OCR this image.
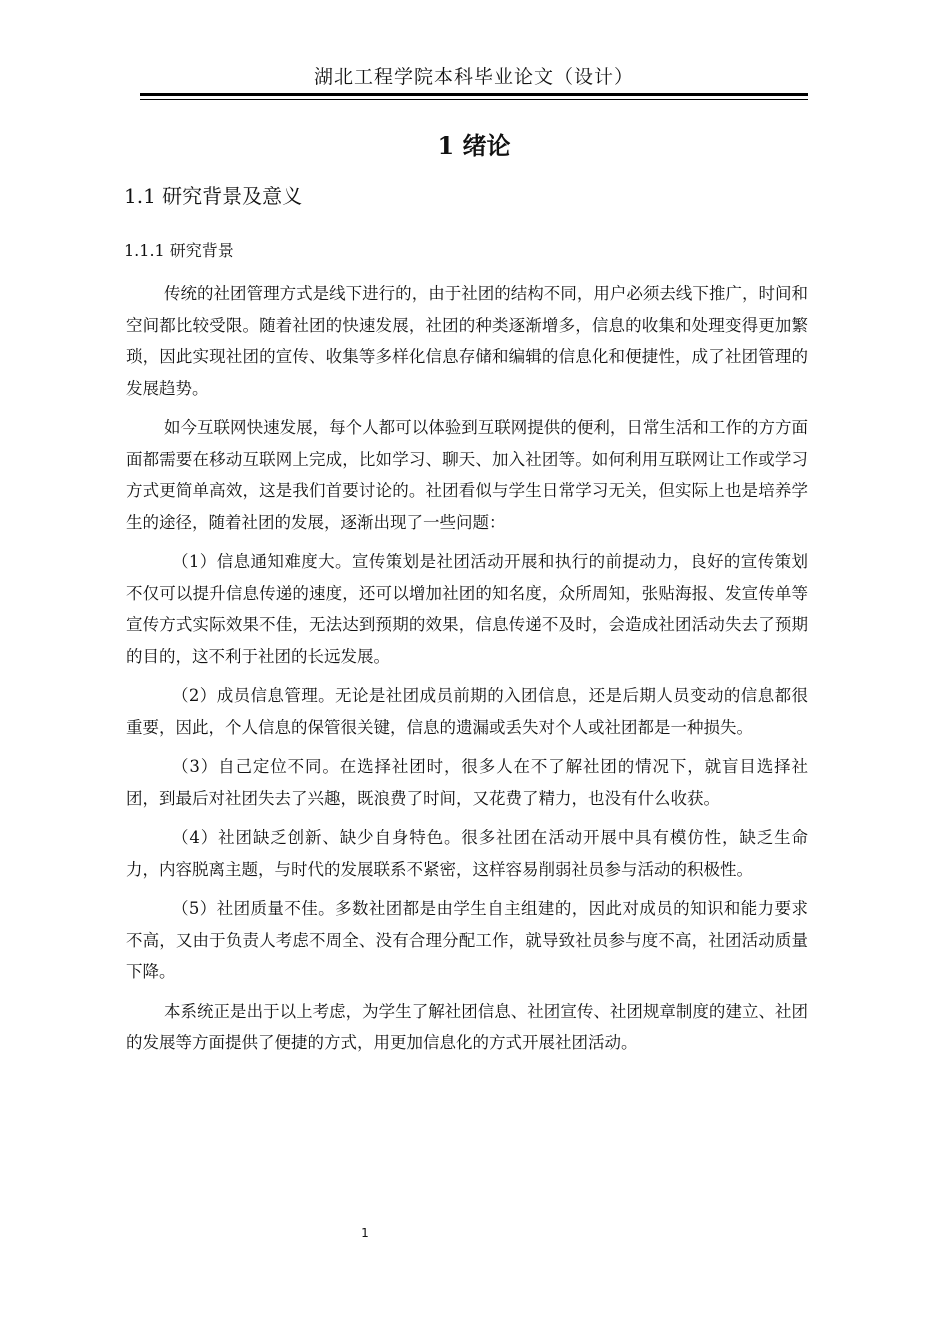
湖北工程学院本科毕业论文（设计）
1 绪论
1.1 研究背景及意义
1.1.1 研究背景

传统的社团管理方式是线下进行的，由于社团的结构不同，用户必须去线下推广，时间和空间都比较受限。随着社团的快速发展，社团的种类逐渐增多，信息的收集和处理变得更加繁琐，因此实现社团的宣传、收集等多样化信息存储和编辑的信息化和便捷性，成了社团管理的发展趋势。

如今互联网快速发展，每个人都可以体验到互联网提供的便利，日常生活和工作的方方面面都需要在移动互联网上完成，比如学习、聊天、加入社团等。如何利用互联网让工作或学习方式更简单高效，这是我们首要讨论的。社团看似与学生日常学习无关，但实际上也是培养学生的途径，随着社团的发展，逐渐出现了一些问题：

（1）信息通知难度大。宣传策划是社团活动开展和执行的前提动力，良好的宣传策划不仅可以提升信息传递的速度，还可以增加社团的知名度，众所周知，张贴海报、发宣传单等宣传方式实际效果不佳，无法达到预期的效果，信息传递不及时，会造成社团活动失去了预期的目的，这不利于社团的长远发展。

（2）成员信息管理。无论是社团成员前期的入团信息，还是后期人员变动的信息都很重要，因此，个人信息的保管很关键，信息的遗漏或丢失对个人或社团都是一种损失。

（3）自己定位不同。在选择社团时，很多人在不了解社团的情况下，就盲目选择社团，到最后对社团失去了兴趣，既浪费了时间，又花费了精力，也没有什么收获。

（4）社团缺乏创新、缺少自身特色。很多社团在活动开展中具有模仿性，缺乏生命力，内容脱离主题，与时代的发展联系不紧密，这样容易削弱社员参与活动的积极性。

（5）社团质量不佳。多数社团都是由学生自主组建的，因此对成员的知识和能力要求不高，又由于负责人考虑不周全、没有合理分配工作，就导致社员参与度不高，社团活动质量下降。

本系统正是出于以上考虑，为学生了解社团信息、社团宣传、社团规章制度的建立、社团的发展等方面提供了便捷的方式，用更加信息化的方式开展社团活动。

1
